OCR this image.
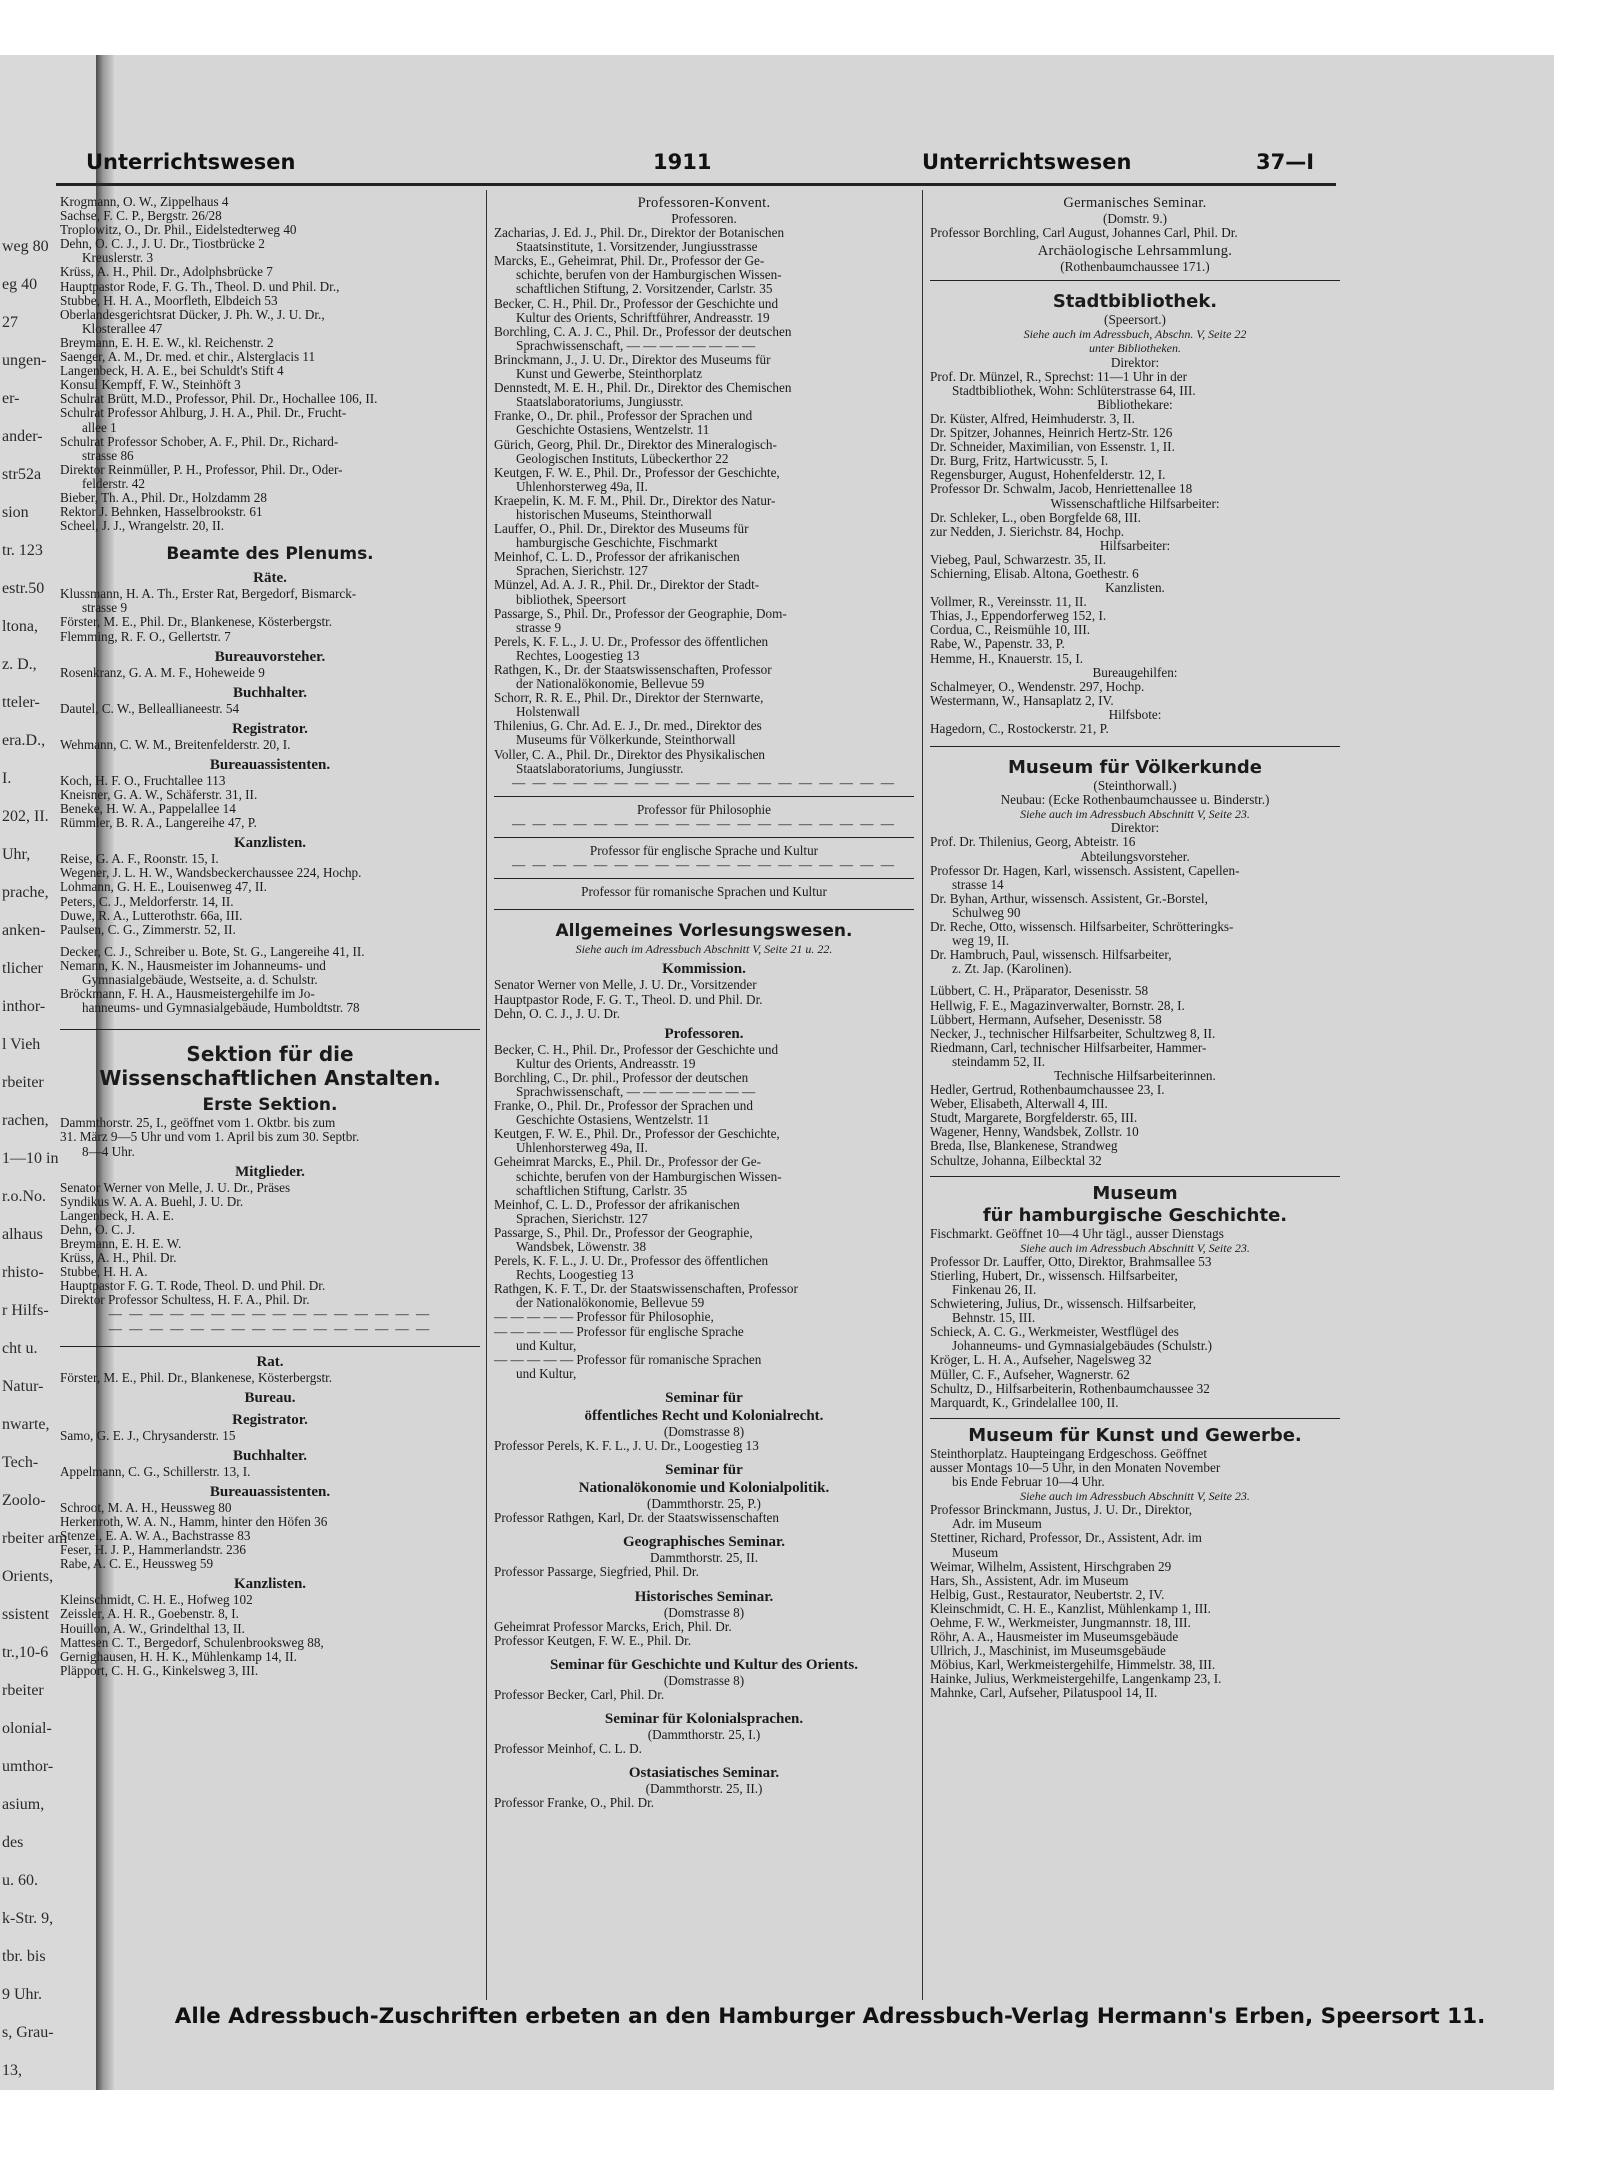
weg 80
eg 40
27
ungen-
er-
ander-
str52a
sion
tr. 123
estr.50
ltona,
z. D.,
tteler-
era.D.,
I.
202, II.
Uhr,
prache,
anken-
tlicher
inthor-
l Vieh
rbeiter
rachen,
1—10 in
r.o.No.
alhaus
rhisto-
r Hilfs-
cht u.
Natur-
nwarte,
Tech-
Zoolo-
rbeiter am
Orients,
ssistent
tr.,10-6
rbeiter
olonial-
umthor-
asium,
des
u. 60.
k-Str. 9,
tbr. bis
9 Uhr.
s, Grau-
13,
Unterrichtswesen	1911	Unterrichtswesen	37—I
Krogmann, O. W., Zippelhaus 4
Sachse, F. C. P., Bergstr. 26/28
Troplowitz, O., Dr. Phil., Eidelstedterweg 40
Dehn, O. C. J., J. U. Dr., Tiostbrücke 2
Kreuslerstr. 3
Krüss, A. H., Phil. Dr., Adolphsbrücke 7
Hauptpastor Rode, F. G. Th., Theol. D. und Phil. Dr.,
Stubbe, H. H. A., Moorfleth, Elbdeich 53
Oberlandesgerichtsrat Dücker, J. Ph. W., J. U. Dr.,
Klosterallee 47
Breymann, E. H. E. W., kl. Reichenstr. 2
Saenger, A. M., Dr. med. et chir., Alsterglacis 11
Langenbeck, H. A. E., bei Schuldt's Stift 4
Konsul Kempff, F. W., Steinhöft 3
Schulrat Brütt, M.D., Professor, Phil. Dr., Hochallee 106, II.
Schulrat Professor Ahlburg, J. H. A., Phil. Dr., Frucht-
allee 1
Schulrat Professor Schober, A. F., Phil. Dr., Richard-
strasse 86
Direktor Reinmüller, P. H., Professor, Phil. Dr., Oder-
felderstr. 42
Bieber, Th. A., Phil. Dr., Holzdamm 28
Rektor J. Behnken, Hasselbrookstr. 61
Scheel, J. J., Wrangelstr. 20, II.
Beamte des Plenums.
Räte.
Klussmann, H. A. Th., Erster Rat, Bergedorf, Bismarck-
strasse 9
Förster, M. E., Phil. Dr., Blankenese, Kösterbergstr.
Flemming, R. F. O., Gellertstr. 7
Bureauvorsteher.
Rosenkranz, G. A. M. F., Hoheweide 9
Buchhalter.
Dautel, C. W., Belleallianeestr. 54
Registrator.
Wehmann, C. W. M., Breitenfelderstr. 20, I.
Bureauassistenten.
Koch, H. F. O., Fruchtallee 113
Kneisner, G. A. W., Schäferstr. 31, II.
Beneke, H. W. A., Pappelallee 14
Rümmler, B. R. A., Langereihe 47, P.
Kanzlisten.
Reise, G. A. F., Roonstr. 15, I.
Wegener, J. L. H. W., Wandsbeckerchaussee 224, Hochp.
Lohmann, G. H. E., Louisenweg 47, II.
Peters, C. J., Meldorferstr. 14, II.
Duwe, R. A., Lutterothstr. 66a, III.
Paulsen, C. G., Zimmerstr. 52, II.
Decker, C. J., Schreiber u. Bote, St. G., Langereihe 41, II.
Nemann, K. N., Hausmeister im Johanneums- und
Gymnasialgebäude, Westseite, a. d. Schulstr.
Bröckmann, F. H. A., Hausmeistergehilfe im Jo-
hanneums- und Gymnasialgebäude, Humboldtstr. 78
Sektion für die
Wissenschaftlichen Anstalten.
Erste Sektion.
Dammthorstr. 25, I., geöffnet vom 1. Oktbr. bis zum
31. März 9—5 Uhr und vom 1. April bis zum 30. Septbr.
8—4 Uhr.
Mitglieder.
Senator Werner von Melle, J. U. Dr., Präses
Syndikus W. A. A. Buehl, J. U. Dr.
Langenbeck, H. A. E.
Dehn, O. C. J.
Breymann, E. H. E. W.
Krüss, A. H., Phil. Dr.
Stubbe, H. H. A.
Hauptpastor F. G. T. Rode, Theol. D. und Phil. Dr.
Direktor Professor Schultess, H. F. A., Phil. Dr.
— — — — — — — — — — — — — — — —
— — — — — — — — — — — — — — — —
Rat.
Förster, M. E., Phil. Dr., Blankenese, Kösterbergstr.
Bureau.
Registrator.
Samo, G. E. J., Chrysanderstr. 15
Buchhalter.
Appelmann, C. G., Schillerstr. 13, I.
Bureauassistenten.
Schroot, M. A. H., Heussweg 80
Herkenroth, W. A. N., Hamm, hinter den Höfen 36
Stenzel, E. A. W. A., Bachstrasse 83
Feser, H. J. P., Hammerlandstr. 236
Rabe, A. C. E., Heussweg 59
Kanzlisten.
Kleinschmidt, C. H. E., Hofweg 102
Zeissler, A. H. R., Goebenstr. 8, I.
Houillon, A. W., Grindelthal 13, II.
Mattesen C. T., Bergedorf, Schulenbrooksweg 88,
Gernighausen, H. H. K., Mühlenkamp 14, II.
Pläpport, C. H. G., Kinkelsweg 3, III.
Professoren-Konvent.
Professoren.
Zacharias, J. Ed. J., Phil. Dr., Direktor der Botanischen
Staatsinstitute, 1. Vorsitzender, Jungiusstrasse
Marcks, E., Geheimrat, Phil. Dr., Professor der Ge-
schichte, berufen von der Hamburgischen Wissen-
schaftlichen Stiftung, 2. Vorsitzender, Carlstr. 35
Becker, C. H., Phil. Dr., Professor der Geschichte und
Kultur des Orients, Schriftführer, Andreasstr. 19
Borchling, C. A. J. C., Phil. Dr., Professor der deutschen
Sprachwissenschaft, — — — — — — — —
Brinckmann, J., J. U. Dr., Direktor des Museums für
Kunst und Gewerbe, Steinthorplatz
Dennstedt, M. E. H., Phil. Dr., Direktor des Chemischen
Staatslaboratoriums, Jungiusstr.
Franke, O., Dr. phil., Professor der Sprachen und
Geschichte Ostasiens, Wentzelstr. 11
Gürich, Georg, Phil. Dr., Direktor des Mineralogisch-
Geologischen Instituts, Lübeckerthor 22
Keutgen, F. W. E., Phil. Dr., Professor der Geschichte,
Uhlenhorsterweg 49a, II.
Kraepelin, K. M. F. M., Phil. Dr., Direktor des Natur-
historischen Museums, Steinthorwall
Lauffer, O., Phil. Dr., Direktor des Museums für
hamburgische Geschichte, Fischmarkt
Meinhof, C. L. D., Professor der afrikanischen
Sprachen, Sierichstr. 127
Münzel, Ad. A. J. R., Phil. Dr., Direktor der Stadt-
bibliothek, Speersort
Passarge, S., Phil. Dr., Professor der Geographie, Dom-
strasse 9
Perels, K. F. L., J. U. Dr., Professor des öffentlichen
Rechtes, Loogestieg 13
Rathgen, K., Dr. der Staatswissenschaften, Professor
der Nationalökonomie, Bellevue 59
Schorr, R. R. E., Phil. Dr., Direktor der Sternwarte,
Holstenwall
Thilenius, G. Chr. Ad. E. J., Dr. med., Direktor des
Museums für Völkerkunde, Steinthorwall
Voller, C. A., Phil. Dr., Direktor des Physikalischen
Staatslaboratoriums, Jungiusstr.
— — — — — — — — — — — — — — — — — — —
Professor für Philosophie
— — — — — — — — — — — — — — — — — — —
Professor für englische Sprache und Kultur
— — — — — — — — — — — — — — — — — — —
Professor für romanische Sprachen und Kultur
Allgemeines Vorlesungswesen.
Siehe auch im Adressbuch Abschnitt V, Seite 21 u. 22.
Kommission.
Senator Werner von Melle, J. U. Dr., Vorsitzender
Hauptpastor Rode, F. G. T., Theol. D. und Phil. Dr.
Dehn, O. C. J., J. U. Dr.
Professoren.
Becker, C. H., Phil. Dr., Professor der Geschichte und
Kultur des Orients, Andreasstr. 19
Borchling, C., Dr. phil., Professor der deutschen
Sprachwissenschaft, — — — — — — — —
Franke, O., Phil. Dr., Professor der Sprachen und
Geschichte Ostasiens, Wentzelstr. 11
Keutgen, F. W. E., Phil. Dr., Professor der Geschichte,
Uhlenhorsterweg 49a, II.
Geheimrat Marcks, E., Phil. Dr., Professor der Ge-
schichte, berufen von der Hamburgischen Wissen-
schaftlichen Stiftung, Carlstr. 35
Meinhof, C. L. D., Professor der afrikanischen
Sprachen, Sierichstr. 127
Passarge, S., Phil. Dr., Professor der Geographie,
Wandsbek, Löwenstr. 38
Perels, K. F. L., J. U. Dr., Professor des öffentlichen
Rechts, Loogestieg 13
Rathgen, K. F. T., Dr. der Staatswissenschaften, Professor
der Nationalökonomie, Bellevue 59
— — — — — Professor für Philosophie,
— — — — — Professor für englische Sprache
und Kultur,
— — — — — Professor für romanische Sprachen
und Kultur,
Seminar für
öffentliches Recht und Kolonialrecht.
(Domstrasse 8)
Professor Perels, K. F. L., J. U. Dr., Loogestieg 13
Seminar für
Nationalökonomie und Kolonialpolitik.
(Dammthorstr. 25, P.)
Professor Rathgen, Karl, Dr. der Staatswissenschaften
Geographisches Seminar.
Dammthorstr. 25, II.
Professor Passarge, Siegfried, Phil. Dr.
Historisches Seminar.
(Domstrasse 8)
Geheimrat Professor Marcks, Erich, Phil. Dr.
Professor Keutgen, F. W. E., Phil. Dr.
Seminar für Geschichte und Kultur des Orients.
(Domstrasse 8)
Professor Becker, Carl, Phil. Dr.
Seminar für Kolonialsprachen.
(Dammthorstr. 25, I.)
Professor Meinhof, C. L. D.
Ostasiatisches Seminar.
(Dammthorstr. 25, II.)
Professor Franke, O., Phil. Dr.
Germanisches Seminar.
(Domstr. 9.)
Professor Borchling, Carl August, Johannes Carl, Phil. Dr.
Archäologische Lehrsammlung.
(Rothenbaumchaussee 171.)
Stadtbibliothek.
(Speersort.)
Siehe auch im Adressbuch, Abschn. V, Seite 22
unter Bibliotheken.
Direktor:
Prof. Dr. Münzel, R., Sprechst: 11—1 Uhr in der
Stadtbibliothek, Wohn: Schlüterstrasse 64, III.
Bibliothekare:
Dr. Küster, Alfred, Heimhuderstr. 3, II.
Dr. Spitzer, Johannes, Heinrich Hertz-Str. 126
Dr. Schneider, Maximilian, von Essenstr. 1, II.
Dr. Burg, Fritz, Hartwicusstr. 5, I.
Regensburger, August, Hohenfelderstr. 12, I.
Professor Dr. Schwalm, Jacob, Henriettenallee 18
Wissenschaftliche Hilfsarbeiter:
Dr. Schleker, L., oben Borgfelde 68, III.
zur Nedden, J. Sierichstr. 84, Hochp.
Hilfsarbeiter:
Viebeg, Paul, Schwarzestr. 35, II.
Schierning, Elisab. Altona, Goethestr. 6
Kanzlisten.
Vollmer, R., Vereinsstr. 11, II.
Thias, J., Eppendorferweg 152, I.
Cordua, C., Reismühle 10, III.
Rabe, W., Papenstr. 33, P.
Hemme, H., Knauerstr. 15, I.
Bureaugehilfen:
Schalmeyer, O., Wendenstr. 297, Hochp.
Westermann, W., Hansaplatz 2, IV.
Hilfsbote:
Hagedorn, C., Rostockerstr. 21, P.
Museum für Völkerkunde
(Steinthorwall.)
Neubau: (Ecke Rothenbaumchaussee u. Binderstr.)
Siehe auch im Adressbuch Abschnitt V, Seite 23.
Direktor:
Prof. Dr. Thilenius, Georg, Abteistr. 16
Abteilungsvorsteher.
Professor Dr. Hagen, Karl, wissensch. Assistent, Capellen-
strasse 14
Dr. Byhan, Arthur, wissensch. Assistent, Gr.-Borstel,
Schulweg 90
Dr. Reche, Otto, wissensch. Hilfsarbeiter, Schrötteringks-
weg 19, II.
Dr. Hambruch, Paul, wissensch. Hilfsarbeiter,
z. Zt. Jap. (Karolinen).
Lübbert, C. H., Präparator, Desenisstr. 58
Hellwig, F. E., Magazinverwalter, Bornstr. 28, I.
Lübbert, Hermann, Aufseher, Desenisstr. 58
Necker, J., technischer Hilfsarbeiter, Schultzweg 8, II.
Riedmann, Carl, technischer Hilfsarbeiter, Hammer-
steindamm 52, II.
Technische Hilfsarbeiterinnen.
Hedler, Gertrud, Rothenbaumchaussee 23, I.
Weber, Elisabeth, Alterwall 4, III.
Studt, Margarete, Borgfelderstr. 65, III.
Wagener, Henny, Wandsbek, Zollstr. 10
Breda, Ilse, Blankenese, Strandweg
Schultze, Johanna, Eilbecktal 32
Museum
für hamburgische Geschichte.
Fischmarkt. Geöffnet 10—4 Uhr tägl., ausser Dienstags
Siehe auch im Adressbuch Abschnitt V, Seite 23.
Professor Dr. Lauffer, Otto, Direktor, Brahmsallee 53
Stierling, Hubert, Dr., wissensch. Hilfsarbeiter,
Finkenau 26, II.
Schwietering, Julius, Dr., wissensch. Hilfsarbeiter,
Behnstr. 15, III.
Schieck, A. C. G., Werkmeister, Westflügel des
Johanneums- und Gymnasialgebäudes (Schulstr.)
Kröger, L. H. A., Aufseher, Nagelsweg 32
Müller, C. F., Aufseher, Wagnerstr. 62
Schultz, D., Hilfsarbeiterin, Rothenbaumchaussee 32
Marquardt, K., Grindelallee 100, II.
Museum für Kunst und Gewerbe.
Steinthorplatz. Haupteingang Erdgeschoss. Geöffnet
ausser Montags 10—5 Uhr, in den Monaten November
bis Ende Februar 10—4 Uhr.
Siehe auch im Adressbuch Abschnitt V, Seite 23.
Professor Brinckmann, Justus, J. U. Dr., Direktor,
Adr. im Museum
Stettiner, Richard, Professor, Dr., Assistent, Adr. im
Museum
Weimar, Wilhelm, Assistent, Hirschgraben 29
Hars, Sh., Assistent, Adr. im Museum
Helbig, Gust., Restaurator, Neubertstr. 2, IV.
Kleinschmidt, C. H. E., Kanzlist, Mühlenkamp 1, III.
Oehme, F. W., Werkmeister, Jungmannstr. 18, III.
Röhr, A. A., Hausmeister im Museumsgebäude
Ullrich, J., Maschinist, im Museumsgebäude
Möbius, Karl, Werkmeistergehilfe, Himmelstr. 38, III.
Hainke, Julius, Werkmeistergehilfe, Langenkamp 23, I.
Mahnke, Carl, Aufseher, Pilatuspool 14, II.
Alle Adressbuch-Zuschriften erbeten an den Hamburger Adressbuch-Verlag Hermann's Erben, Speersort 11.
